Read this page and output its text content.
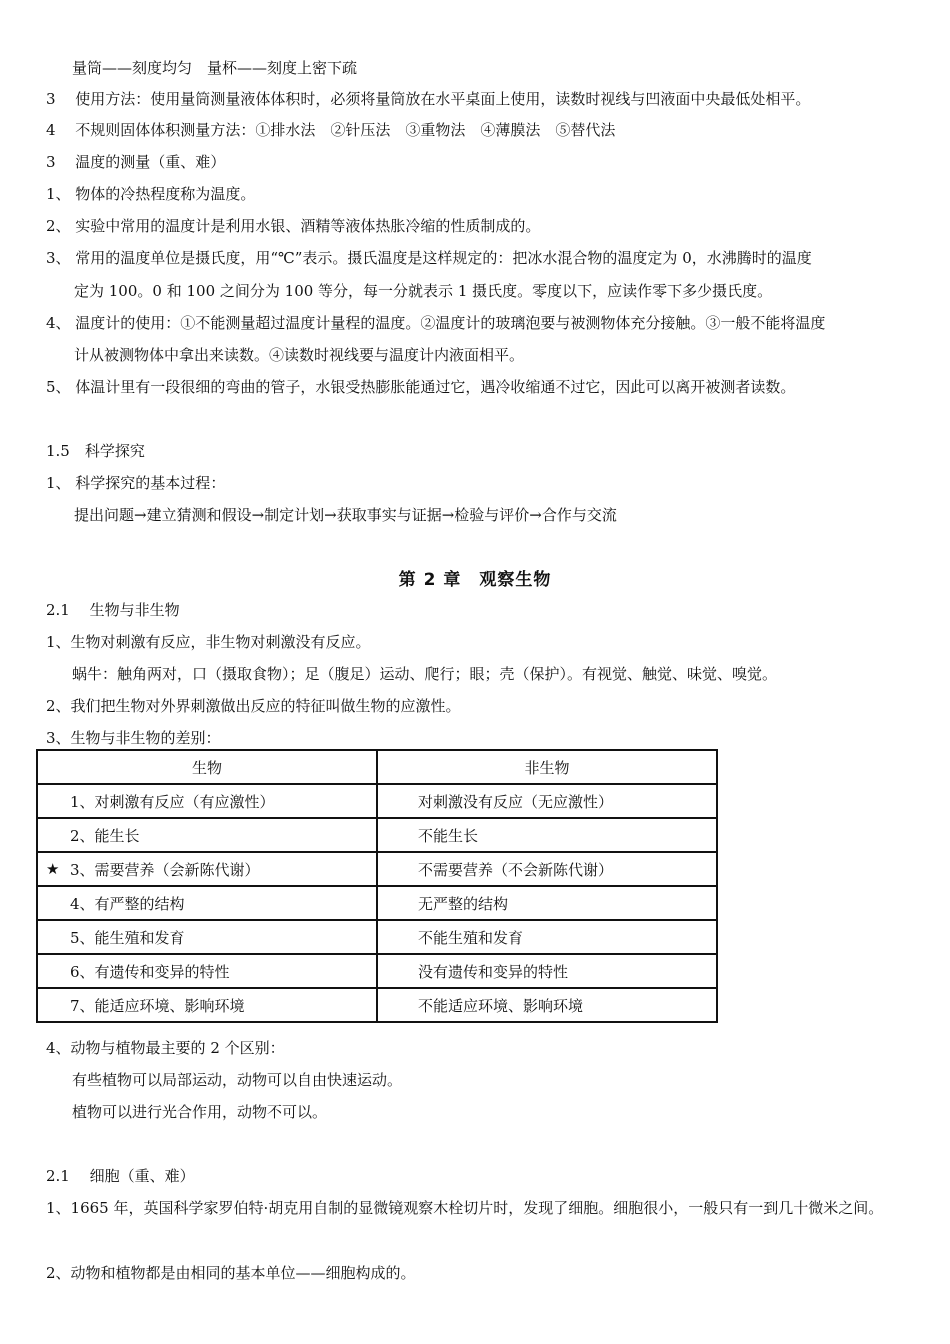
量筒——刻度均匀　量杯——刻度上密下疏
3　 使用方法：使用量筒测量液体体积时，必须将量筒放在水平桌面上使用，读数时视线与凹液面中央最低处相平。
4　 不规则固体体积测量方法：①排水法　②针压法　③重物法　④薄膜法　⑤替代法
3　 温度的测量（重、难）
1、 物体的冷热程度称为温度。
2、 实验中常用的温度计是利用水银、酒精等液体热胀冷缩的性质制成的。
3、 常用的温度单位是摄氏度，用“℃”表示。摄氏温度是这样规定的：把冰水混合物的温度定为 0，水沸腾时的温度
定为 100。0 和 100 之间分为 100 等分，每一分就表示 1 摄氏度。零度以下，应读作零下多少摄氏度。
4、 温度计的使用：①不能测量超过温度计量程的温度。②温度计的玻璃泡要与被测物体充分接触。③一般不能将温度
计从被测物体中拿出来读数。④读数时视线要与温度计内液面相平。
5、 体温计里有一段很细的弯曲的管子，水银受热膨胀能通过它，遇冷收缩通不过它，因此可以离开被测者读数。
1.5　科学探究
1、 科学探究的基本过程：
提出问题→建立猜测和假设→制定计划→获取事实与证据→检验与评价→合作与交流
第 2 章　观察生物
2.1　 生物与非生物
1、生物对刺激有反应，非生物对刺激没有反应。
蜗牛：触角两对，口（摄取食物）；足（腹足）运动、爬行；眼；壳（保护）。有视觉、触觉、味觉、嗅觉。
2、我们把生物对外界刺激做出反应的特征叫做生物的应激性。
3、生物与非生物的差别：
生物	非生物
1、对刺激有反应（有应激性）	对刺激没有反应（无应激性）
2、能生长	不能生长

★ 3、需要营养（会新陈代谢）	不需要营养（不会新陈代谢）
4、有严整的结构	无严整的结构
5、能生殖和发育	不能生殖和发育
6、有遗传和变异的特性	没有遗传和变异的特性
7、能适应环境、影响环境	不能适应环境、影响环境
4、动物与植物最主要的 2 个区别：
有些植物可以局部运动，动物可以自由快速运动。
植物可以进行光合作用，动物不可以。
2.1　 细胞（重、难）
1、1665 年，英国科学家罗伯特·胡克用自制的显微镜观察木栓切片时，发现了细胞。细胞很小，一般只有一到几十微米之间。
2、动物和植物都是由相同的基本单位——细胞构成的。
